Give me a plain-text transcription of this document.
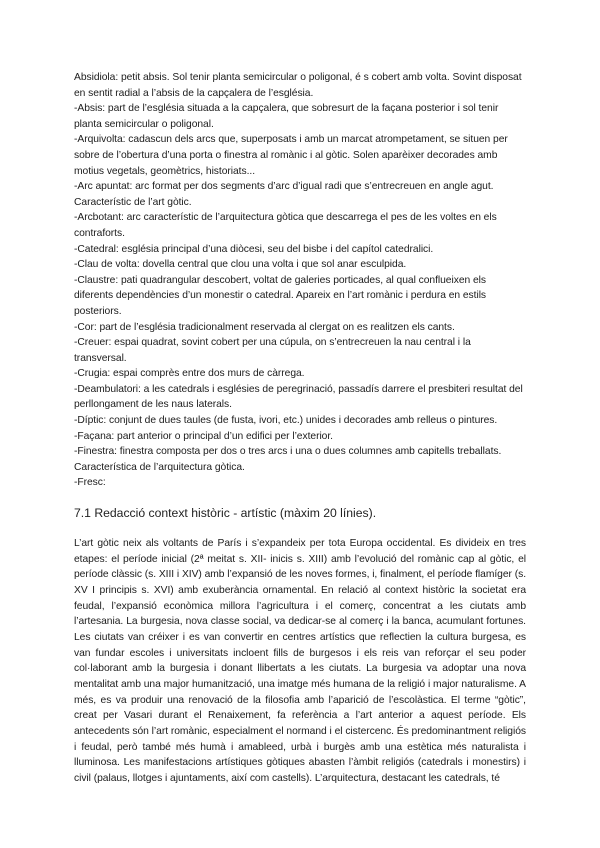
Absidiola: petit absis. Sol tenir planta semicircular o poligonal, é s cobert amb volta. Sovint disposat en sentit radial a l’absis de la capçalera de l’església.

-Absis: part de l’església situada a la capçalera, que sobresurt de la façana posterior i sol tenir planta semicircular o poligonal.

-Arquivolta: cadascun dels arcs que, superposats i amb un marcat atrompetament, se situen per sobre de l’obertura d’una porta o finestra al romànic i al gòtic. Solen aparèixer decorades amb motius vegetals, geomètrics, historiats...

-Arc apuntat: arc format per dos segments d’arc d’igual radi que s’entrecreuen en angle agut. Característic de l’art gòtic.

-Arcbotant: arc característic de l’arquitectura gòtica que descarrega el pes de les voltes en els contraforts.

-Catedral: església principal d’una diòcesi, seu del bisbe i del capítol catedralici.

-Clau de volta: dovella central que clou una volta i que sol anar esculpida.

-Claustre: pati quadrangular descobert, voltat de galeries porticades, al qual conflueixen els diferents dependències d’un monestir o catedral. Apareix en l’art romànic i perdura en estils posteriors.

-Cor: part de l’església tradicionalment reservada al clergat on es realitzen els cants.

-Creuer: espai quadrat, sovint cobert per una cúpula, on s’entrecreuen la nau central i la transversal.

-Crugia: espai comprès entre dos murs de càrrega.

-Deambulatori: a les catedrals i esglésies de peregrinació, passadís darrere el presbiteri resultat del perllongament de les naus laterals.

-Díptic: conjunt de dues taules (de fusta, ivori, etc.) unides i decorades amb relleus o pintures.

-Façana: part anterior o principal d’un edifici per l’exterior.

-Finestra: finestra composta per dos o tres arcs i una o dues columnes amb capitells treballats. Característica de l’arquitectura gòtica.

-Fresc:

7.1 Redacció context històric - artístic (màxim 20 línies).

L’art gòtic neix als voltants de París i s’expandeix per tota Europa occidental. Es divideix en tres etapes: el període inicial (2ª meitat s. XII- inicis s. XIII) amb l’evolució del romànic cap al gòtic, el període clàssic (s. XIII i XIV) amb l’expansió de les noves formes, i, finalment, el període flamíger (s. XV I principis s. XVI) amb exuberància ornamental. En relació al context històric la societat era feudal, l’expansió econòmica millora l’agricultura i el comerç, concentrat a les ciutats amb l’artesania. La burgesia, nova classe social, va dedicar-se al comerç i la banca, acumulant fortunes. Les ciutats van créixer i es van convertir en centres artístics que reflectien la cultura burgesa, es van fundar escoles i universitats incloent fills de burgesos i els reis van reforçar el seu poder col·laborant amb la burgesia i donant llibertats a les ciutats. La burgesia va adoptar una nova mentalitat amb una major humanització, una imatge més humana de la religió i major naturalisme. A més, es va produir una renovació de la filosofia amb l’aparició de l’escolàstica. El terme “gòtic”, creat per Vasari durant el Renaixement, fa referència a l’art anterior a aquest període. Els antecedents són l’art romànic, especialment el normand i el cistercenc. És predominantment religiós i feudal, però també més humà i amableed, urbà i burgès amb una estètica més naturalista i lluminosa. Les manifestacions artístiques gòtiques abasten l’àmbit religiós (catedrals i monestirs) i civil (palaus, llotges i ajuntaments, així com castells). L’arquitectura, destacant les catedrals, té
